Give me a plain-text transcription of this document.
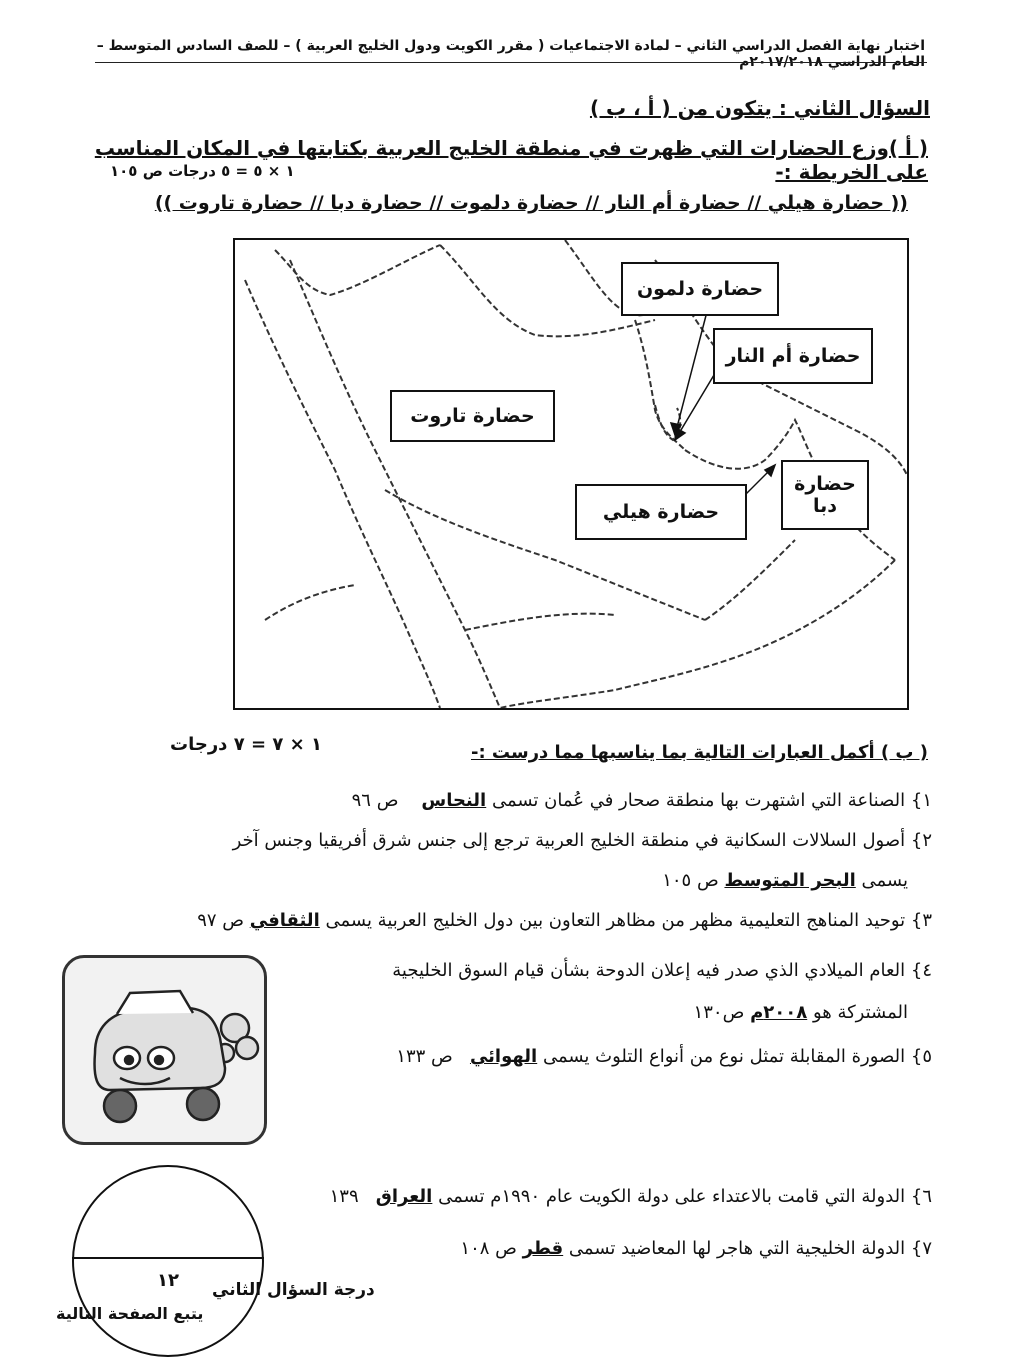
اختبار نهاية الفصل الدراسي الثاني – لمادة الاجتماعيات ( مقرر الكويت ودول الخليج العربية ) – للصف السادس المتوسط – العام الدراسي ٢٠١٧/٢٠١٨م
السؤال الثاني : يتكون من ( أ ، ب )
( أ )وزع الحضارات التي ظهرت في منطقة الخليج العربية بكتابتها في المكان المناسب على الخريطة :-
١ × ٥ = ٥ درجات ص ١٠٥
(( حضارة هيلي // حضارة أم النار // حضارة دلموت // حضارة دبا // حضارة تاروت ))
حضارة دلمون
حضارة أم النار
حضارة تاروت
حضارة هيلي
حضارة دبا
( ب ) أكمل العبارات التالية بما يناسبها مما درست :-
١ × ٧ = ٧ درجات
١} الصناعة التي اشتهرت بها منطقة صحار في عُمان تسمى النحاس    ص ٩٦
٢} أصول السلالات السكانية في منطقة الخليج العربية ترجع إلى جنس شرق أفريقيا وجنس آخر
يسمى البحر المتوسط ص ١٠٥
٣} توحيد المناهج التعليمية مظهر من مظاهر التعاون بين دول الخليج العربية يسمى الثقافي ص ٩٧
٤} العام الميلادي الذي صدر فيه إعلان الدوحة بشأن قيام السوق الخليجية
المشتركة هو ٢٠٠٨م ص١٣٠
٥} الصورة المقابلة تمثل نوع من أنواع التلوث يسمى الهوائي   ص ١٣٣
٦} الدولة التي قامت بالاعتداء على دولة الكويت عام ١٩٩٠م تسمى العراق   ١٣٩
٧} الدولة الخليجية التي هاجر لها المعاضيد تسمى قطر ص ١٠٨
١٢	درجة السؤال الثاني
يتبع الصفحة التالية
